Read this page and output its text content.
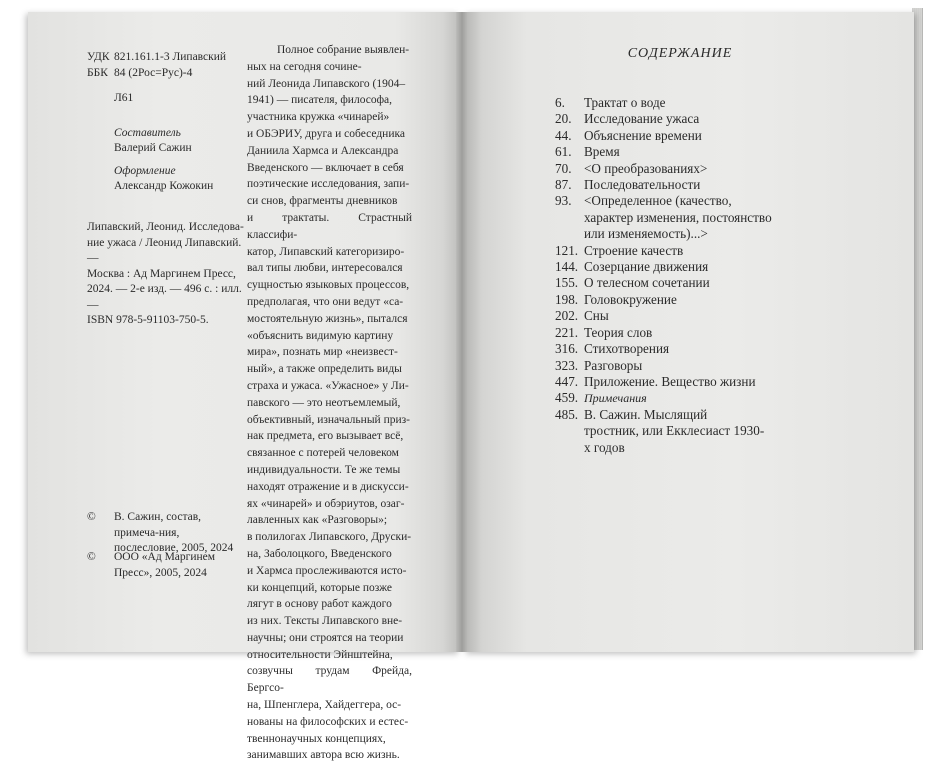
УДК 821.161.1-3 Липавский
ББК 84 (2Рос=Рус)-4
Л61
Составитель
Валерий Сажин
Оформление
Александр Кожокин
Липавский, Леонид. Исследова-
ние ужаса / Леонид Липавский. —
Москва : Ад Маргинем Пресс,
2024. — 2-е изд. — 496 с. : илл. —
ISBN 978-5-91103-750-5.
Полное собрание выявлен-
ных на сегодня сочине-
ний Леонида Липавского (1904–
1941) — писателя, философа,
участника кружка «чинарей»
и ОБЭРИУ, друга и собеседника
Даниила Хармса и Александра
Введенского — включает в себя
поэтические исследования, запи-
си снов, фрагменты дневников
и трактаты. Страстный классифи-
катор, Липавский категоризиро-
вал типы любви, интересовался
сущностью языковых процессов,
предполагая, что они ведут «са-
мостоятельную жизнь», пытался
«объяснить видимую картину
мира», познать мир «неизвест-
ный», а также определить виды
страха и ужаса. «Ужасное» у Ли-
павского — это неотъемлемый,
объективный, изначальный приз-
нак предмета, его вызывает всё,
связанное с потерей человеком
индивидуальности. Те же темы
находят отражение и в дискусси-
ях «чинарей» и обэриутов, озаг-
лавленных как «Разговоры»;
в полилогах Липавского, Друски-
на, Заболоцкого, Введенского
и Хармса прослеживаются исто-
ки концепций, которые позже
лягут в основу работ каждого
из них. Тексты Липавского вне-
научны; они строятся на теории
относительности Эйнштейна,
созвучны трудам Фрейда, Бергсо-
на, Шпенглера, Хайдеггера, ос-
нованы на философских и естес-
твеннонаучных концепциях,
занимавших автора всю жизнь.
© В. Сажин, состав, примеча-ния, послесловие, 2005, 2024
© ООО «Ад Маргинем Пресс», 2005, 2024
СОДЕРЖАНИЕ
6.	Трактат о воде
20. Исследование ужаса
44. Объяснение времени
61. Время
70. <О преобразованиях>
87. Последовательности
93. <Определенное (качество, характер изменения, постоянство или изменяемость)...>
121. Строение качеств
144. Созерцание движения
155. О телесном сочетании
198. Головокружение
202. Сны
221. Теория слов
316. Стихотворения
323. Разговоры
447. Приложение. Вещество жизни
459. Примечания
485. В. Сажин. Мыслящий тростник, или Екклесиаст 1930-х годов
